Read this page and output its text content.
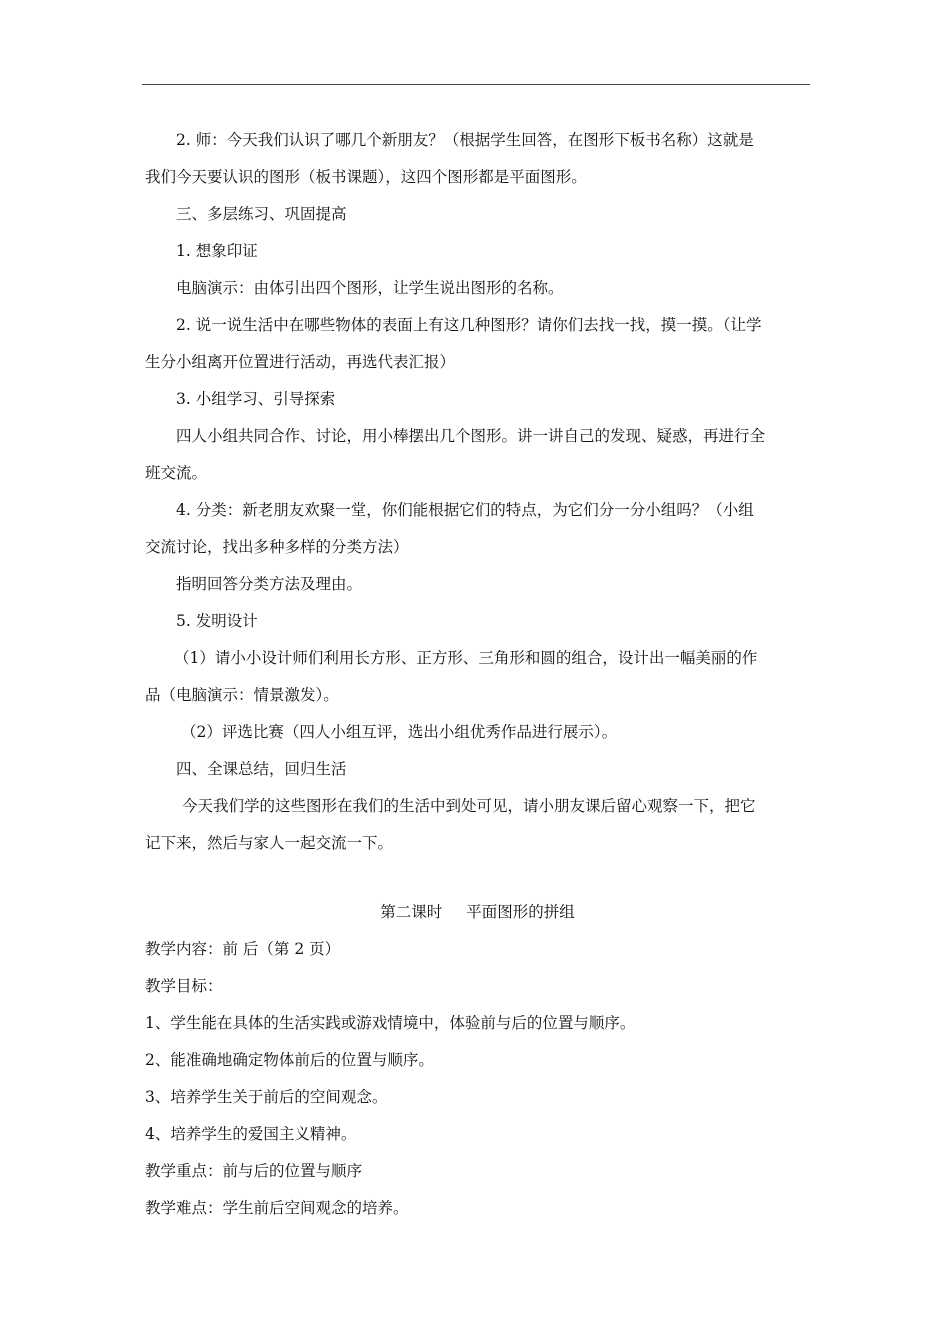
2. 师：今天我们认识了哪几个新朋友？（根据学生回答，在图形下板书名称）这就是

我们今天要认识的图形（板书课题），这四个图形都是平面图形。

三、多层练习、巩固提高

1. 想象印证

电脑演示：由体引出四个图形，让学生说出图形的名称。

2. 说一说生活中在哪些物体的表面上有这几种图形？请你们去找一找，摸一摸。（让学

生分小组离开位置进行活动，再选代表汇报）

3. 小组学习、引导探索

四人小组共同合作、讨论，用小棒摆出几个图形。讲一讲自己的发现、疑惑，再进行全

班交流。

4. 分类：新老朋友欢聚一堂，你们能根据它们的特点，为它们分一分小组吗？（小组

交流讨论，找出多种多样的分类方法）

指明回答分类方法及理由。

5. 发明设计

（1）请小小设计师们利用长方形、正方形、三角形和圆的组合，设计出一幅美丽的作

品（电脑演示：情景激发）。

（2）评选比赛（四人小组互评，选出小组优秀作品进行展示）。

四、全课总结，回归生活

今天我们学的这些图形在我们的生活中到处可见，请小朋友课后留心观察一下，把它

记下来，然后与家人一起交流一下。

第二课时 平面图形的拼组

教学内容：前 后（第 2 页）

教学目标：

1、学生能在具体的生活实践或游戏情境中，体验前与后的位置与顺序。

2、能准确地确定物体前后的位置与顺序。

3、培养学生关于前后的空间观念。

4、培养学生的爱国主义精神。

教学重点：前与后的位置与顺序

教学难点：学生前后空间观念的培养。
